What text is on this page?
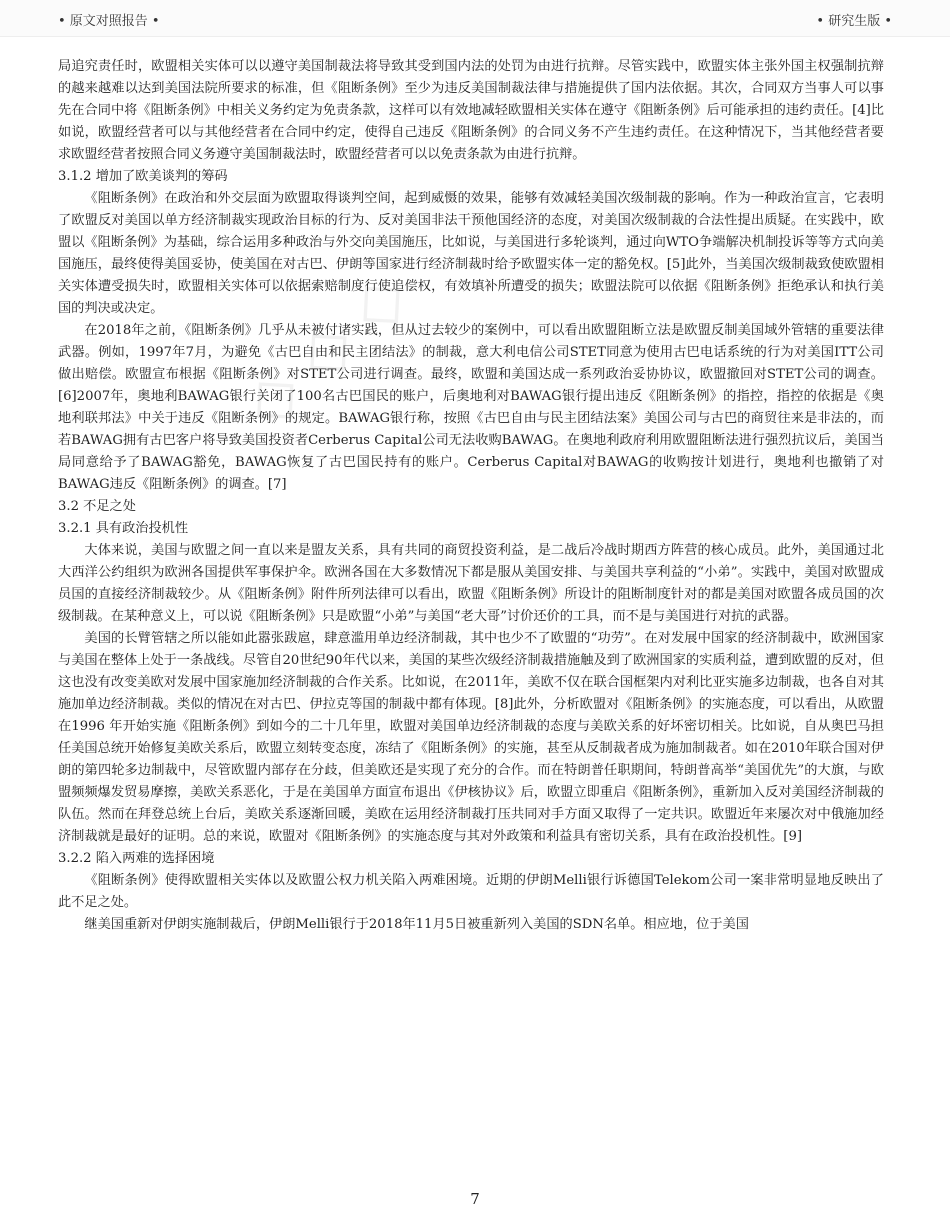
• 原文对照报告 •	• 研究生版 •
◇ ◇ ◇

局追究责任时，欧盟相关实体可以以遵守美国制裁法将导致其受到国内法的处罚为由进行抗辩。尽管实践中，欧盟实体主张外国主权强制抗辩的越来越难以达到美国法院所要求的标准，但《阻断条例》至少为违反美国制裁法律与措施提供了国内法依据。其次，合同双方当事人可以事先在合同中将《阻断条例》中相关义务约定为免责条款，这样可以有效地减轻欧盟相关实体在遵守《阻断条例》后可能承担的违约责任。[4]比如说，欧盟经营者可以与其他经营者在合同中约定，使得自己违反《阻断条例》的合同义务不产生违约责任。在这种情况下，当其他经营者要求欧盟经营者按照合同义务遵守美国制裁法时，欧盟经营者可以以免责条款为由进行抗辩。

3.1.2 增加了欧美谈判的筹码

《阻断条例》在政治和外交层面为欧盟取得谈判空间，起到威慑的效果，能够有效减轻美国次级制裁的影响。作为一种政治宣言，它表明了欧盟反对美国以单方经济制裁实现政治目标的行为、反对美国非法干预他国经济的态度，对美国次级制裁的合法性提出质疑。在实践中，欧盟以《阻断条例》为基础，综合运用多种政治与外交向美国施压，比如说，与美国进行多轮谈判，通过向WTO争端解决机制投诉等等方式向美国施压，最终使得美国妥协，使美国在对古巴、伊朗等国家进行经济制裁时给予欧盟实体一定的豁免权。[5]此外，当美国次级制裁致使欧盟相关实体遭受损失时，欧盟相关实体可以依据索赔制度行使追偿权，有效填补所遭受的损失；欧盟法院可以依据《阻断条例》拒绝承认和执行美国的判决或决定。

在2018年之前，《阻断条例》几乎从未被付诸实践，但从过去较少的案例中，可以看出欧盟阻断立法是欧盟反制美国域外管辖的重要法律武器。例如，1997年7月，为避免《古巴自由和民主团结法》的制裁，意大利电信公司STET同意为使用古巴电话系统的行为对美国ITT公司做出赔偿。欧盟宣布根据《阻断条例》对STET公司进行调查。最终，欧盟和美国达成一系列政治妥协协议，欧盟撤回对STET公司的调查。[6]2007年，奥地利BAWAG银行关闭了100名古巴国民的账户，后奥地利对BAWAG银行提出违反《阻断条例》的指控，指控的依据是《奥地利联邦法》中关于违反《阻断条例》的规定。BAWAG银行称，按照《古巴自由与民主团结法案》美国公司与古巴的商贸往来是非法的，而若BAWAG拥有古巴客户将导致美国投资者Cerberus Capital公司无法收购BAWAG。在奥地利政府利用欧盟阻断法进行强烈抗议后，美国当局同意给予了BAWAG豁免，BAWAG恢复了古巴国民持有的账户。Cerberus Capital对BAWAG的收购按计划进行，奥地利也撤销了对BAWAG违反《阻断条例》的调查。[7]

3.2 不足之处
3.2.1 具有政治投机性

大体来说，美国与欧盟之间一直以来是盟友关系，具有共同的商贸投资利益，是二战后冷战时期西方阵营的核心成员。此外，美国通过北大西洋公约组织为欧洲各国提供军事保护伞。欧洲各国在大多数情况下都是服从美国安排、与美国共享利益的“小弟”。实践中，美国对欧盟成员国的直接经济制裁较少。从《阻断条例》附件所列法律可以看出，欧盟《阻断条例》所设计的阻断制度针对的都是美国对欧盟各成员国的次级制裁。在某种意义上，可以说《阻断条例》只是欧盟“小弟”与美国“老大哥”讨价还价的工具，而不是与美国进行对抗的武器。

美国的长臂管辖之所以能如此嚣张跋扈，肆意滥用单边经济制裁，其中也少不了欧盟的“功劳”。在对发展中国家的经济制裁中，欧洲国家与美国在整体上处于一条战线。尽管自20世纪90年代以来，美国的某些次级经济制裁措施触及到了欧洲国家的实质利益，遭到欧盟的反对，但这也没有改变美欧对发展中国家施加经济制裁的合作关系。比如说，在2011年，美欧不仅在联合国框架内对利比亚实施多边制裁，也各自对其施加单边经济制裁。类似的情况在对古巴、伊拉克等国的制裁中都有体现。[8]此外，分析欧盟对《阻断条例》的实施态度，可以看出，从欧盟在1996 年开始实施《阻断条例》到如今的二十几年里，欧盟对美国单边经济制裁的态度与美欧关系的好坏密切相关。比如说，自从奥巴马担任美国总统开始修复美欧关系后，欧盟立刻转变态度，冻结了《阻断条例》的实施，甚至从反制裁者成为施加制裁者。如在2010年联合国对伊朗的第四轮多边制裁中，尽管欧盟内部存在分歧，但美欧还是实现了充分的合作。而在特朗普任职期间，特朗普高举“美国优先”的大旗，与欧盟频频爆发贸易摩擦，美欧关系恶化，于是在美国单方面宣布退出《伊核协议》后，欧盟立即重启《阻断条例》，重新加入反对美国经济制裁的队伍。然而在拜登总统上台后，美欧关系逐渐回暖，美欧在运用经济制裁打压共同对手方面又取得了一定共识。欧盟近年来屡次对中俄施加经济制裁就是最好的证明。总的来说，欧盟对《阻断条例》的实施态度与其对外政策和利益具有密切关系，具有在政治投机性。[9]

3.2.2 陷入两难的选择困境

《阻断条例》使得欧盟相关实体以及欧盟公权力机关陷入两难困境。近期的伊朗Melli银行诉德国Telekom公司一案非常明显地反映出了此不足之处。

继美国重新对伊朗实施制裁后，伊朗Melli银行于2018年11月5日被重新列入美国的SDN名单。相应地，位于美国

7
